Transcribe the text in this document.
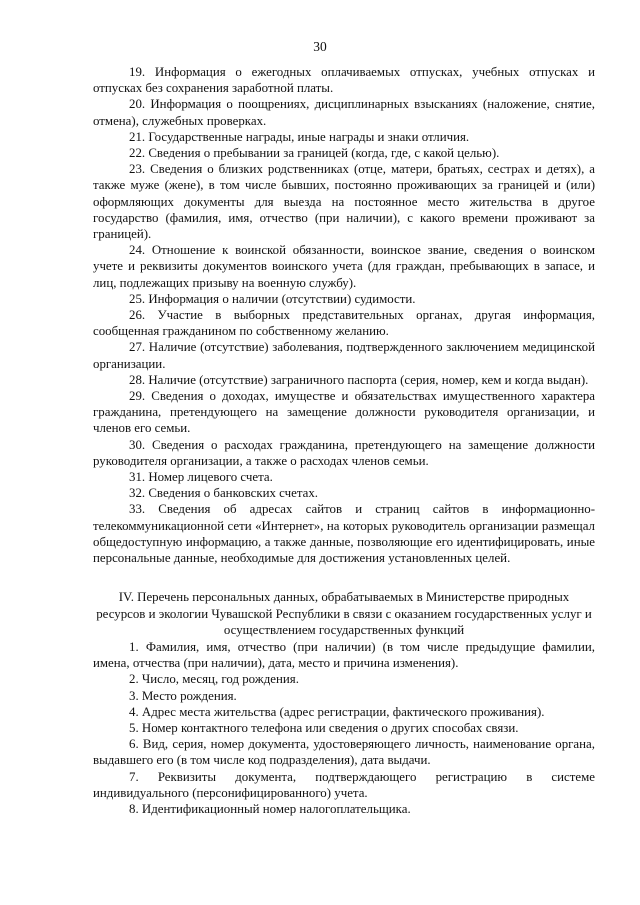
30

19. Информация о ежегодных оплачиваемых отпусках, учебных отпусках и отпусках без сохранения заработной платы.

20. Информация о поощрениях, дисциплинарных взысканиях (наложение, снятие, отмена), служебных проверках.

21. Государственные награды, иные награды и знаки отличия.

22. Сведения о пребывании за границей (когда, где, с какой целью).

23. Сведения о близких родственниках (отце, матери, братьях, сестрах и детях), а также муже (жене), в том числе бывших, постоянно проживающих за границей и (или) оформляющих документы для выезда на постоянное место жительства в другое государство (фамилия, имя, отчество (при наличии), с какого времени проживают за границей).

24. Отношение к воинской обязанности, воинское звание, сведения о воинском учете и реквизиты документов воинского учета (для граждан, пребывающих в запасе, и лиц, подлежащих призыву на военную службу).

25. Информация о наличии (отсутствии) судимости.

26. Участие в выборных представительных органах, другая информация, сообщенная гражданином по собственному желанию.

27. Наличие (отсутствие) заболевания, подтвержденного заключением медицинской организации.

28. Наличие (отсутствие) заграничного паспорта (серия, номер, кем и когда выдан).

29. Сведения о доходах, имуществе и обязательствах имущественного характера гражданина, претендующего на замещение должности руководителя организации, и членов его семьи.

30. Сведения о расходах гражданина, претендующего на замещение должности руководителя организации, а также о расходах членов семьи.

31. Номер лицевого счета.

32. Сведения о банковских счетах.

33. Сведения об адресах сайтов и страниц сайтов в информационно-телекоммуникационной сети «Интернет», на которых руководитель организации размещал общедоступную информацию, а также данные, позволяющие его идентифицировать, иные персональные данные, необходимые для достижения установленных целей.

IV. Перечень персональных данных, обрабатываемых в Министерстве природных ресурсов и экологии Чувашской Республики в связи с оказанием государственных услуг и осуществлением государственных функций

1. Фамилия, имя, отчество (при наличии) (в том числе предыдущие фамилии, имена, отчества (при наличии), дата, место и причина изменения).

2. Число, месяц, год рождения.

3. Место рождения.

4. Адрес места жительства (адрес регистрации, фактического проживания).

5. Номер контактного телефона или сведения о других способах связи.

6. Вид, серия, номер документа, удостоверяющего личность, наименование органа, выдавшего его (в том числе код подразделения), дата выдачи.

7. Реквизиты документа, подтверждающего регистрацию в системе индивидуального (персонифицированного) учета.

8. Идентификационный номер налогоплательщика.
